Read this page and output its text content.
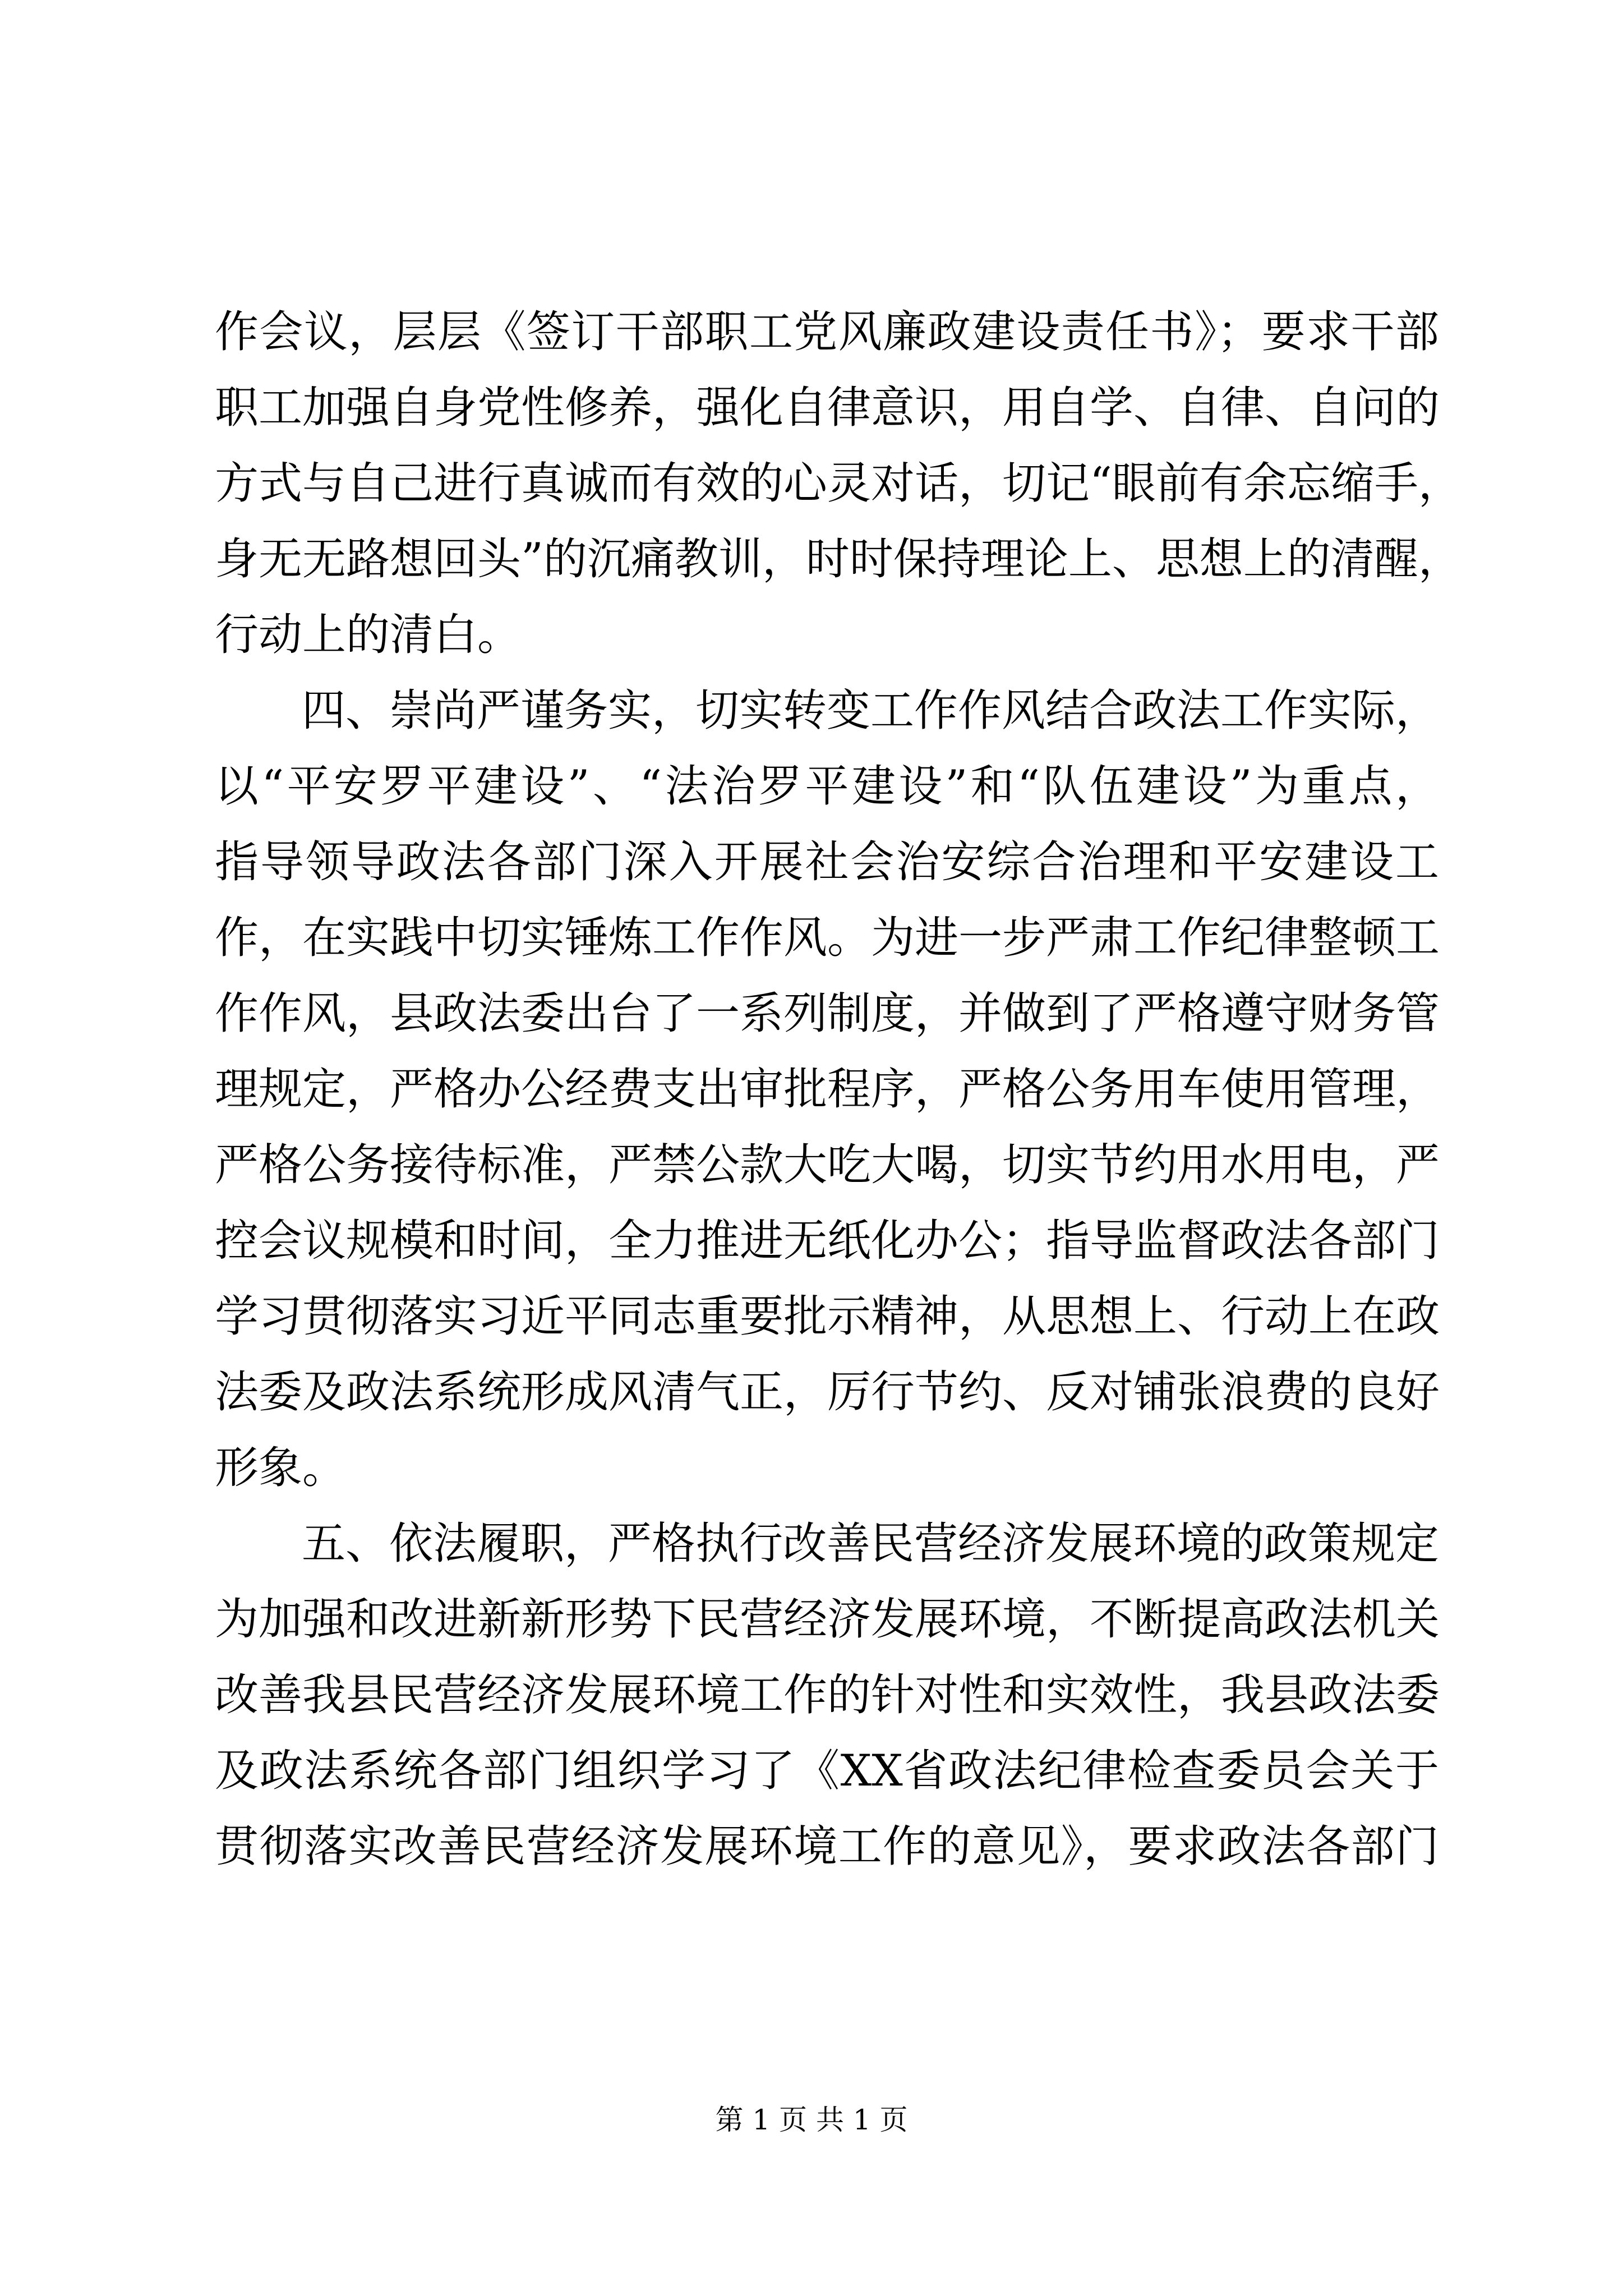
作会议，层层《签订干部职工党风廉政建设责任书》；要求干部
职工加强自身党性修养，强化自律意识，用自学、自律、自问的
方式与自己进行真诚而有效的心灵对话，切记“眼前有余忘缩手，
身无无路想回头”的沉痛教训，时时保持理论上、思想上的清醒，
行动上的清白。
四、崇尚严谨务实，切实转变工作作风结合政法工作实际，
以“平安罗平建设”、“法治罗平建设”和“队伍建设”为重点，
指导领导政法各部门深入开展社会治安综合治理和平安建设工
作，在实践中切实锤炼工作作风。为进一步严肃工作纪律整顿工
作作风，县政法委出台了一系列制度，并做到了严格遵守财务管
理规定，严格办公经费支出审批程序，严格公务用车使用管理，
严格公务接待标准，严禁公款大吃大喝，切实节约用水用电，严
控会议规模和时间，全力推进无纸化办公；指导监督政法各部门
学习贯彻落实习近平同志重要批示精神，从思想上、行动上在政
法委及政法系统形成风清气正，厉行节约、反对铺张浪费的良好
形象。
五、依法履职，严格执行改善民营经济发展环境的政策规定
为加强和改进新新形势下民营经济发展环境，不断提高政法机关
改善我县民营经济发展环境工作的针对性和实效性，我县政法委
及政法系统各部门组织学习了《XX省政法纪律检查委员会关于
贯彻落实改善民营经济发展环境工作的意见》，要求政法各部门
第 1 页 共 1 页
